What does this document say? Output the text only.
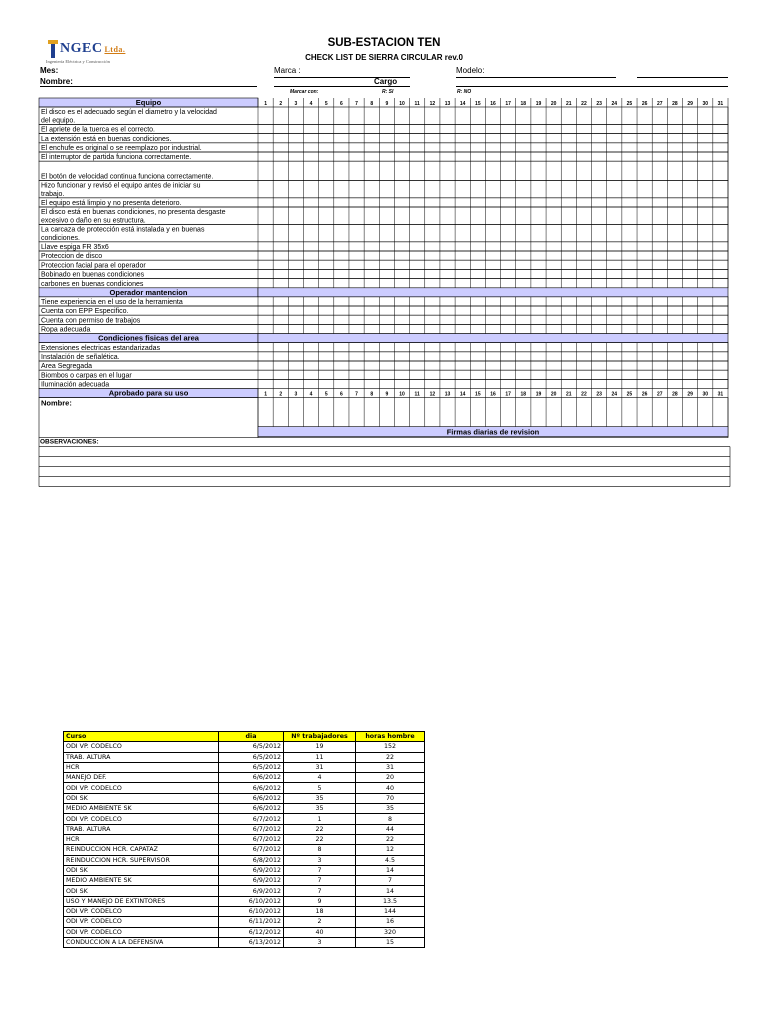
NGEC Ltda.
Ingeniería Eléctrica y Construcción
SUB-ESTACION TEN
CHECK LIST DE SIERRA CIRCULAR rev.0
Mes:
Nombre:
Marca :	Modelo:
Cargo
Marcar con:	R: SI	R: NO
1 2 3 4 5 6 7 8 9 10 11 12 13 14 15 16 17 18 19 20 21 22 23 24 25 26 27 28 29 30 31
Equipo
El disco es el adecuado según el diametro y la velocidad
del equipo.
El apriete de la tuerca es el correcto.
La extensión está en buenas condiciones.
El enchufe es original o se reemplazo por industrial.
El interruptor de partida funciona correctamente.
El botón de velocidad continua funciona correctamente.
Hizo funcionar y revisó el equipo antes de iniciar su
trabajo.
El equipo está limpio y no presenta deterioro.
El disco está en buenas condiciones, no presenta desgaste
excesivo o daño en su estructura.
La carcaza de protección está instalada y en buenas
condiciones.
Llave espiga FR 35x6
Proteccion de disco
Proteccion facial para el operador
Bobinado en buenas condiciones
carbones en buenas condiciones
Operador mantencion
Tiene experiencia en el uso de la herramienta
Cuenta con EPP Especifico.
Cuenta con permiso de trabajos
Ropa adecuada
Condiciones fisicas del area
Extensiones electricas estandarizadas
Instalación de señalética.
Area Segregada
Biombos o carpas en el lugar
Iluminación adecuada
1 2 3 4 5 6 7 8 9 10 11 12 13 14 15 16 17 18 19 20 21 22 23 24 25 26 27 28 29 30 31
Aprobado para su uso
Nombre:
Firmas diarias de revision
OBSERVACIONES:
Curso	dia	Nº trabajadores	horas hombre
ODI VP. CODELCO	6/5/2012	19	152
TRAB. ALTURA	6/5/2012	11	22
HCR	6/5/2012	31	31
MANEJO DEF.	6/6/2012	4	20
ODI VP. CODELCO	6/6/2012	5	40
ODI SK	6/6/2012	35	70
MEDIO AMBIENTE SK	6/6/2012	35	35
ODI VP. CODELCO	6/7/2012	1	8
TRAB. ALTURA	6/7/2012	22	44
HCR	6/7/2012	22	22
REINDUCCION HCR. CAPATAZ	6/7/2012	8	12
REINDUCCION HCR. SUPERVISOR	6/8/2012	3	4.5
ODI SK	6/9/2012	7	14
MEDIO AMBIENTE SK	6/9/2012	7	7
ODI SK	6/9/2012	7	14
USO Y MANEJO DE EXTINTORES	6/10/2012	9	13.5
ODI VP. CODELCO	6/10/2012	18	144
ODI VP. CODELCO	6/11/2012	2	16
ODI VP. CODELCO	6/12/2012	40	320
CONDUCCION A LA DEFENSIVA	6/13/2012	3	15
